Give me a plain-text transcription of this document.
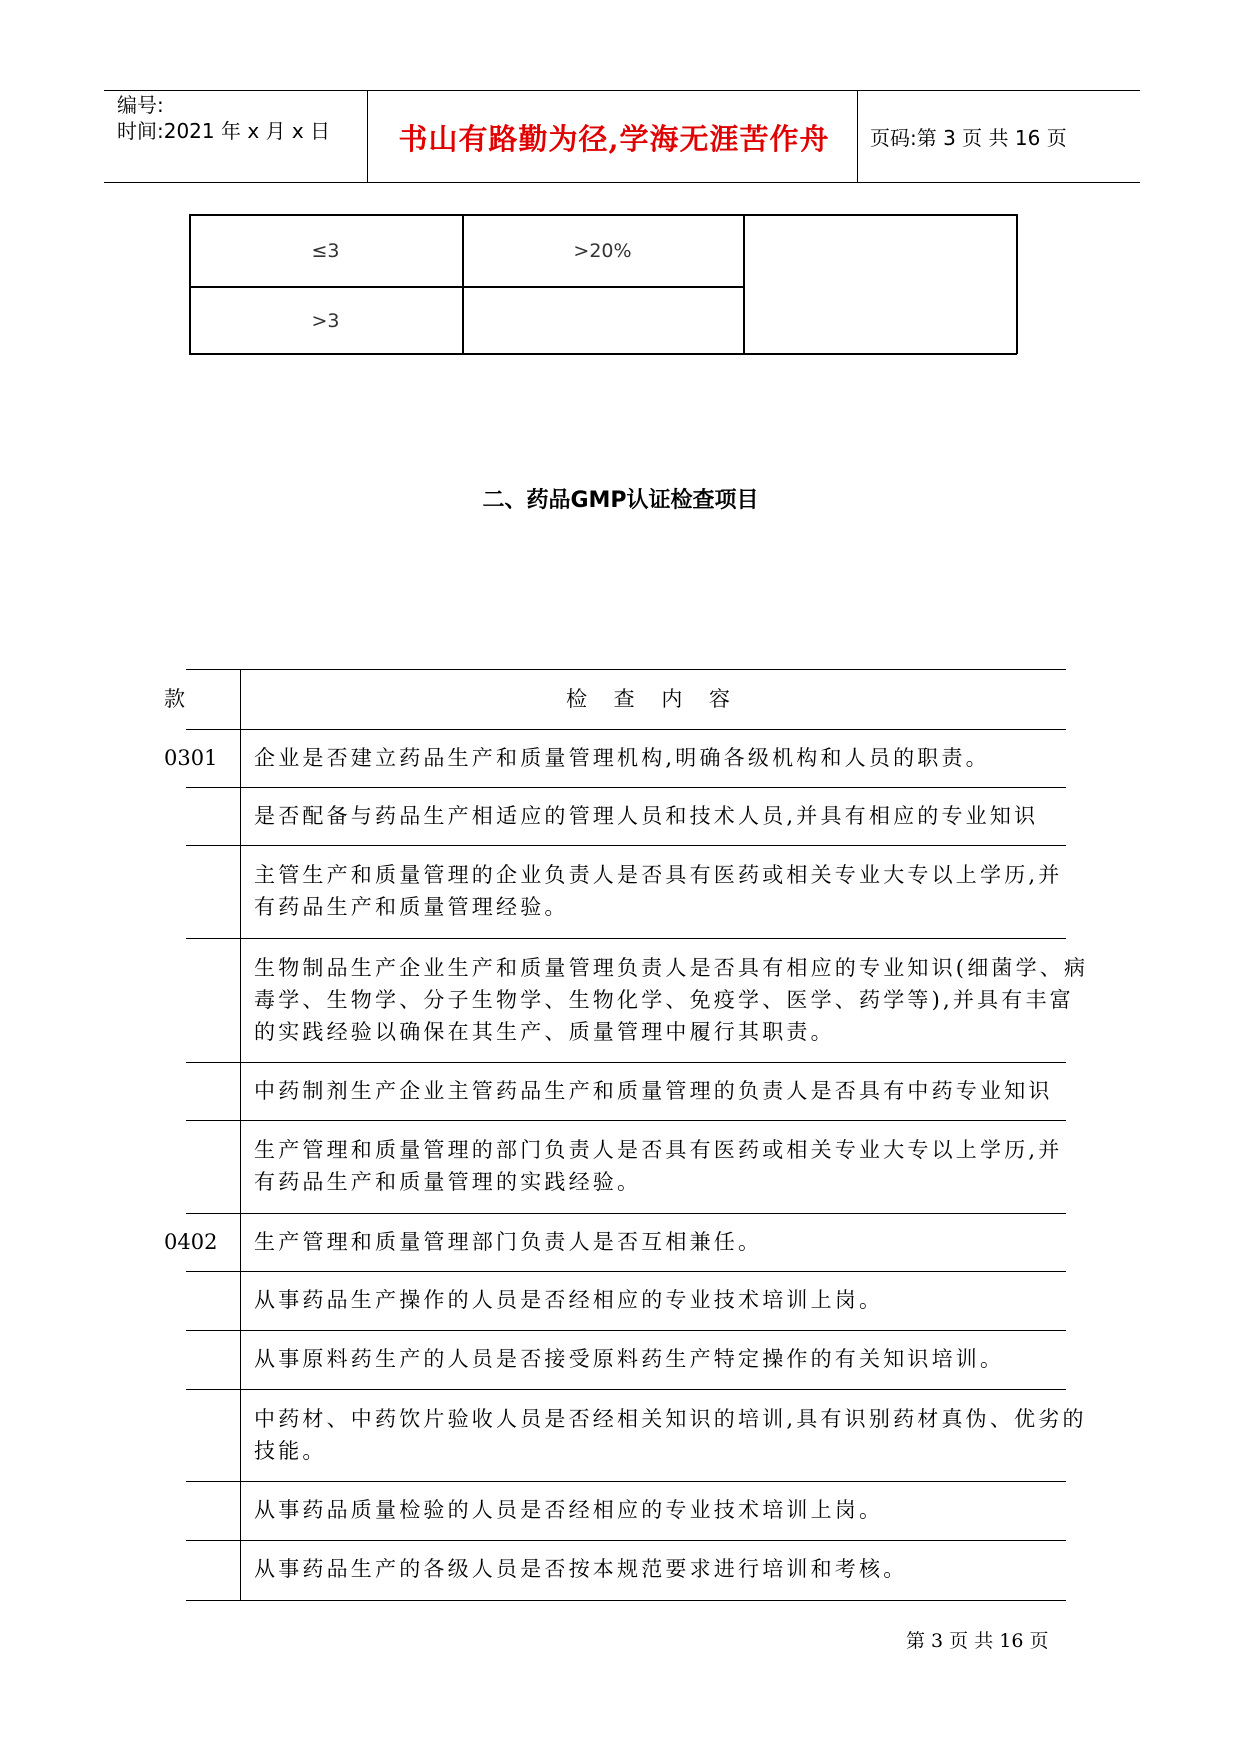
编号:
时间:2021 年 x 月 x 日	书山有路勤为径,学海无涯苦作舟	页码:第 3 页 共 16 页
≤3	>20%
>3
二、药品GMP认证检查项目
款	检 查 内 容
0301 企业是否建立药品生产和质量管理机构,明确各级机构和人员的职责。
是否配备与药品生产相适应的管理人员和技术人员,并具有相应的专业知识
主管生产和质量管理的企业负责人是否具有医药或相关专业大专以上学历,并
有药品生产和质量管理经验。
生物制品生产企业生产和质量管理负责人是否具有相应的专业知识(细菌学、病
毒学、生物学、分子生物学、生物化学、免疫学、医学、药学等),并具有丰富
的实践经验以确保在其生产、质量管理中履行其职责。
中药制剂生产企业主管药品生产和质量管理的负责人是否具有中药专业知识
生产管理和质量管理的部门负责人是否具有医药或相关专业大专以上学历,并
有药品生产和质量管理的实践经验。
0402 生产管理和质量管理部门负责人是否互相兼任。
从事药品生产操作的人员是否经相应的专业技术培训上岗。
从事原料药生产的人员是否接受原料药生产特定操作的有关知识培训。
中药材、中药饮片验收人员是否经相关知识的培训,具有识别药材真伪、优劣的
技能。
从事药品质量检验的人员是否经相应的专业技术培训上岗。
从事药品生产的各级人员是否按本规范要求进行培训和考核。
第 3 页 共 16 页
